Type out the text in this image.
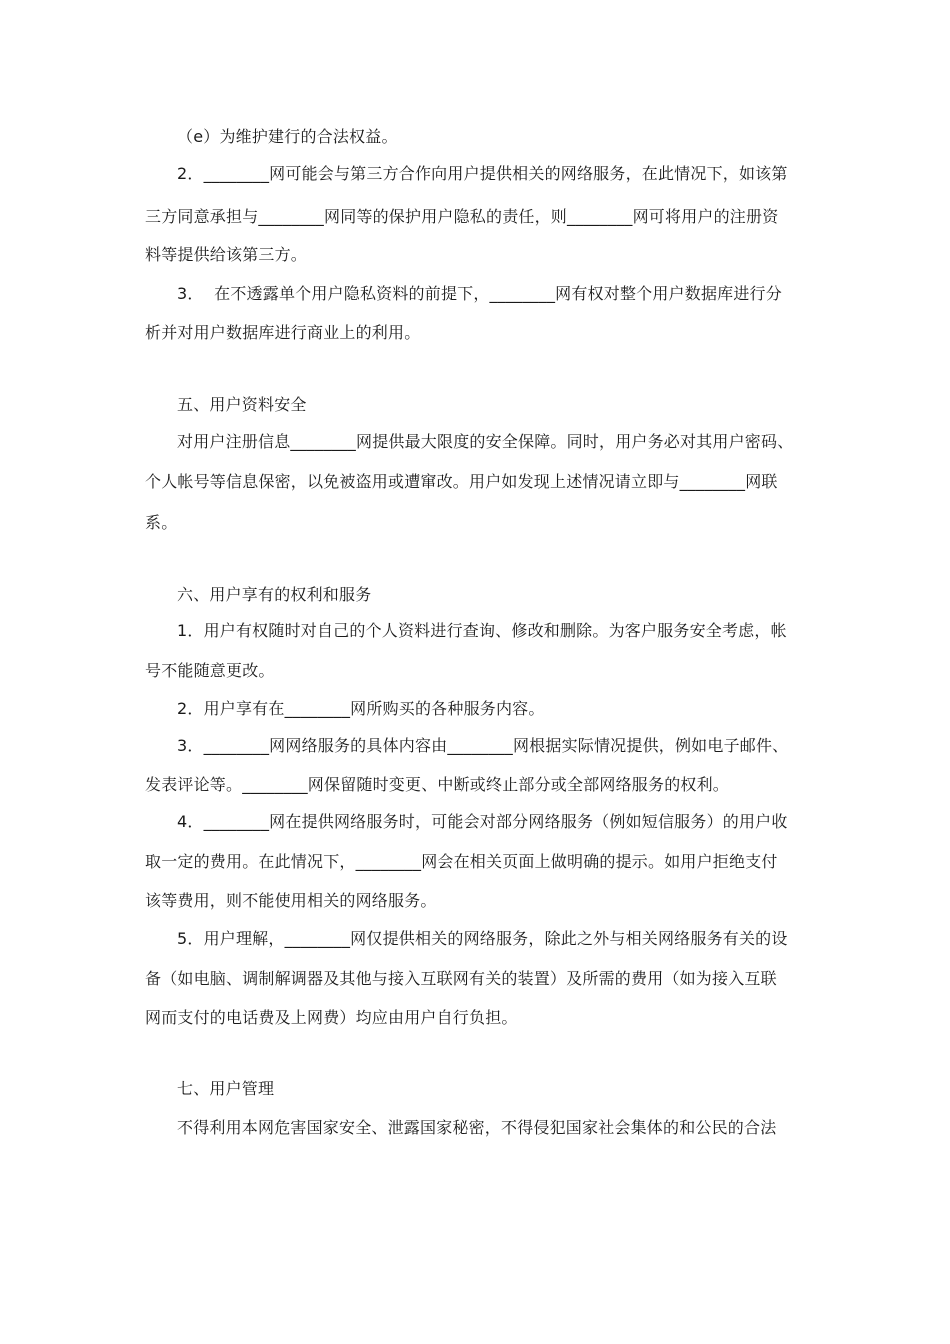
（e）为维护建行的合法权益。
2．________网可能会与第三方合作向用户提供相关的网络服务，在此情况下，如该第
三方同意承担与________网同等的保护用户隐私的责任，则________网可将用户的注册资
料等提供给该第三方。
3．  在不透露单个用户隐私资料的前提下，________网有权对整个用户数据库进行分
析并对用户数据库进行商业上的利用。
五、用户资料安全
对用户注册信息________网提供最大限度的安全保障。同时，用户务必对其用户密码、
个人帐号等信息保密，以免被盗用或遭窜改。用户如发现上述情况请立即与________网联
系。
六、用户享有的权利和服务
1．用户有权随时对自己的个人资料进行查询、修改和删除。为客户服务安全考虑，帐
号不能随意更改。
2．用户享有在________网所购买的各种服务内容。
3．________网网络服务的具体内容由________网根据实际情况提供，例如电子邮件、
发表评论等。________网保留随时变更、中断或终止部分或全部网络服务的权利。
4．________网在提供网络服务时，可能会对部分网络服务（例如短信服务）的用户收
取一定的费用。在此情况下，________网会在相关页面上做明确的提示。如用户拒绝支付
该等费用，则不能使用相关的网络服务。
5．用户理解，________网仅提供相关的网络服务，除此之外与相关网络服务有关的设
备（如电脑、调制解调器及其他与接入互联网有关的装置）及所需的费用（如为接入互联
网而支付的电话费及上网费）均应由用户自行负担。
七、用户管理
不得利用本网危害国家安全、泄露国家秘密，不得侵犯国家社会集体的和公民的合法
